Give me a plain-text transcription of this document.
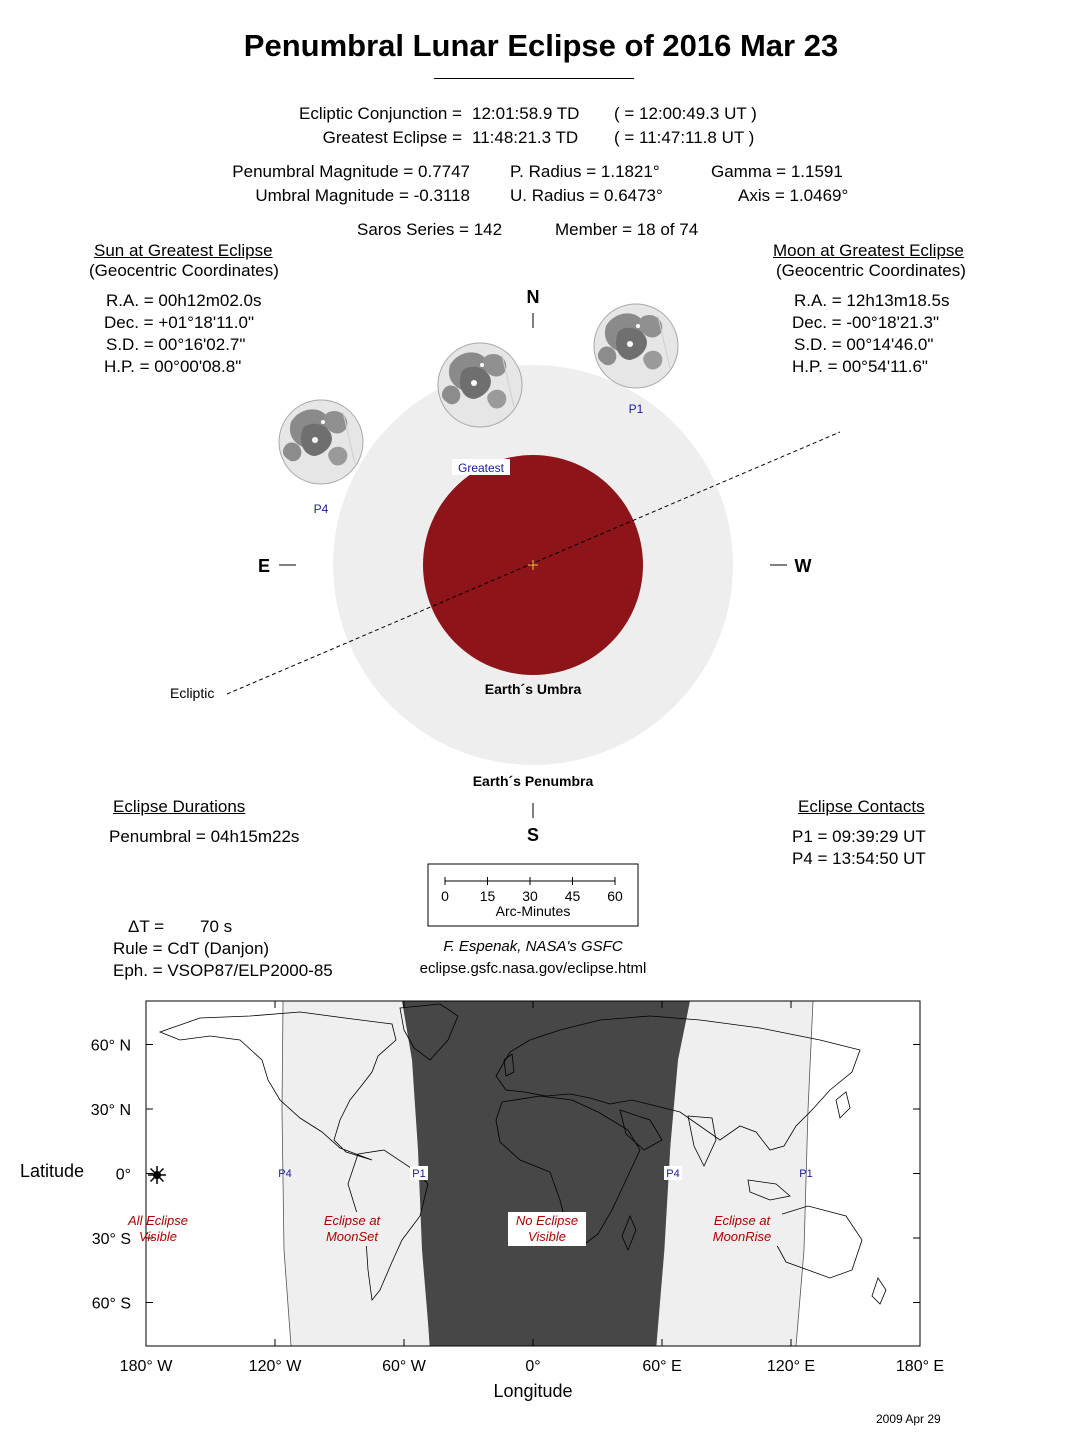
Penumbral Lunar Eclipse of 2016 Mar 23
Ecliptic Conjunction = 12:01:58.9 TD ( = 12:00:49.3 UT )
Greatest Eclipse = 11:48:21.3 TD ( = 11:47:11.8 UT )
Penumbral Magnitude = 0.7747
Umbral Magnitude = -0.3118
P. Radius = 1.1821°
U. Radius = 0.6473°
Gamma = 1.1591
Axis = 1.0469°
Saros Series = 142	Member = 18 of 74
Sun at Greatest Eclipse
(Geocentric Coordinates)
R.A. = 00h12m02.0s
Dec. = +01°18'11.0"
S.D. = 00°16'02.7"
H.P. = 00°00'08.8"
Moon at Greatest Eclipse
(Geocentric Coordinates)
R.A. = 12h13m18.5s
Dec. = -00°18'21.3"
S.D. = 00°14'46.0"
H.P. = 00°54'11.6"
N
S
E	W
Ecliptic	Earth´s Umbra
Earth´s Penumbra
P4
P1
Greatest
0 15 30 45 60
Arc-Minutes
Eclipse Durations
Penumbral = 04h15m22s
Eclipse Contacts
P1 = 09:39:29 UT
P4 = 13:54:50 UT
ΔT = 70 s
Rule = CdT (Danjon)
Eph. = VSOP87/ELP2000-85
F. Espenak, NASA's GSFC
eclipse.gsfc.nasa.gov/eclipse.html
All Eclipse
Visible
Eclipse at
MoonSet
No Eclipse
Visible
Eclipse at
MoonRise
P4	P1	P4	P1
Latitude
Longitude
60° N
30° N
0°
30° S
60° S
180° W	120° W	60° W	0°	60° E	120° E	180° E
2009 Apr 29
